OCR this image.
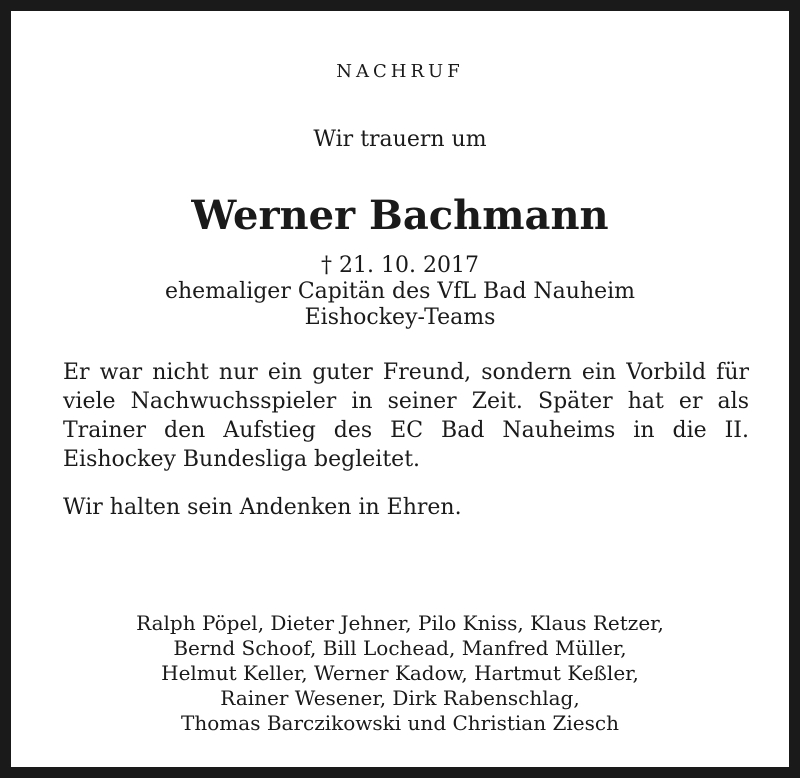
NACHRUF
Wir trauern um
Werner Bachmann
† 21. 10. 2017
ehemaliger Capitän des VfL Bad Nauheim
Eishockey-Teams
Er war nicht nur ein guter Freund, sondern ein Vorbild für viele Nachwuchsspieler in seiner Zeit. Später hat er als Trainer den Aufstieg des EC Bad Nauheims in die II. Eishockey Bundesliga begleitet.
Wir halten sein Andenken in Ehren.
Ralph Pöpel, Dieter Jehner, Pilo Kniss, Klaus Retzer,
Bernd Schoof, Bill Lochead, Manfred Müller,
Helmut Keller, Werner Kadow, Hartmut Keßler,
Rainer Wesener, Dirk Rabenschlag,
Thomas Barczikowski und Christian Ziesch
